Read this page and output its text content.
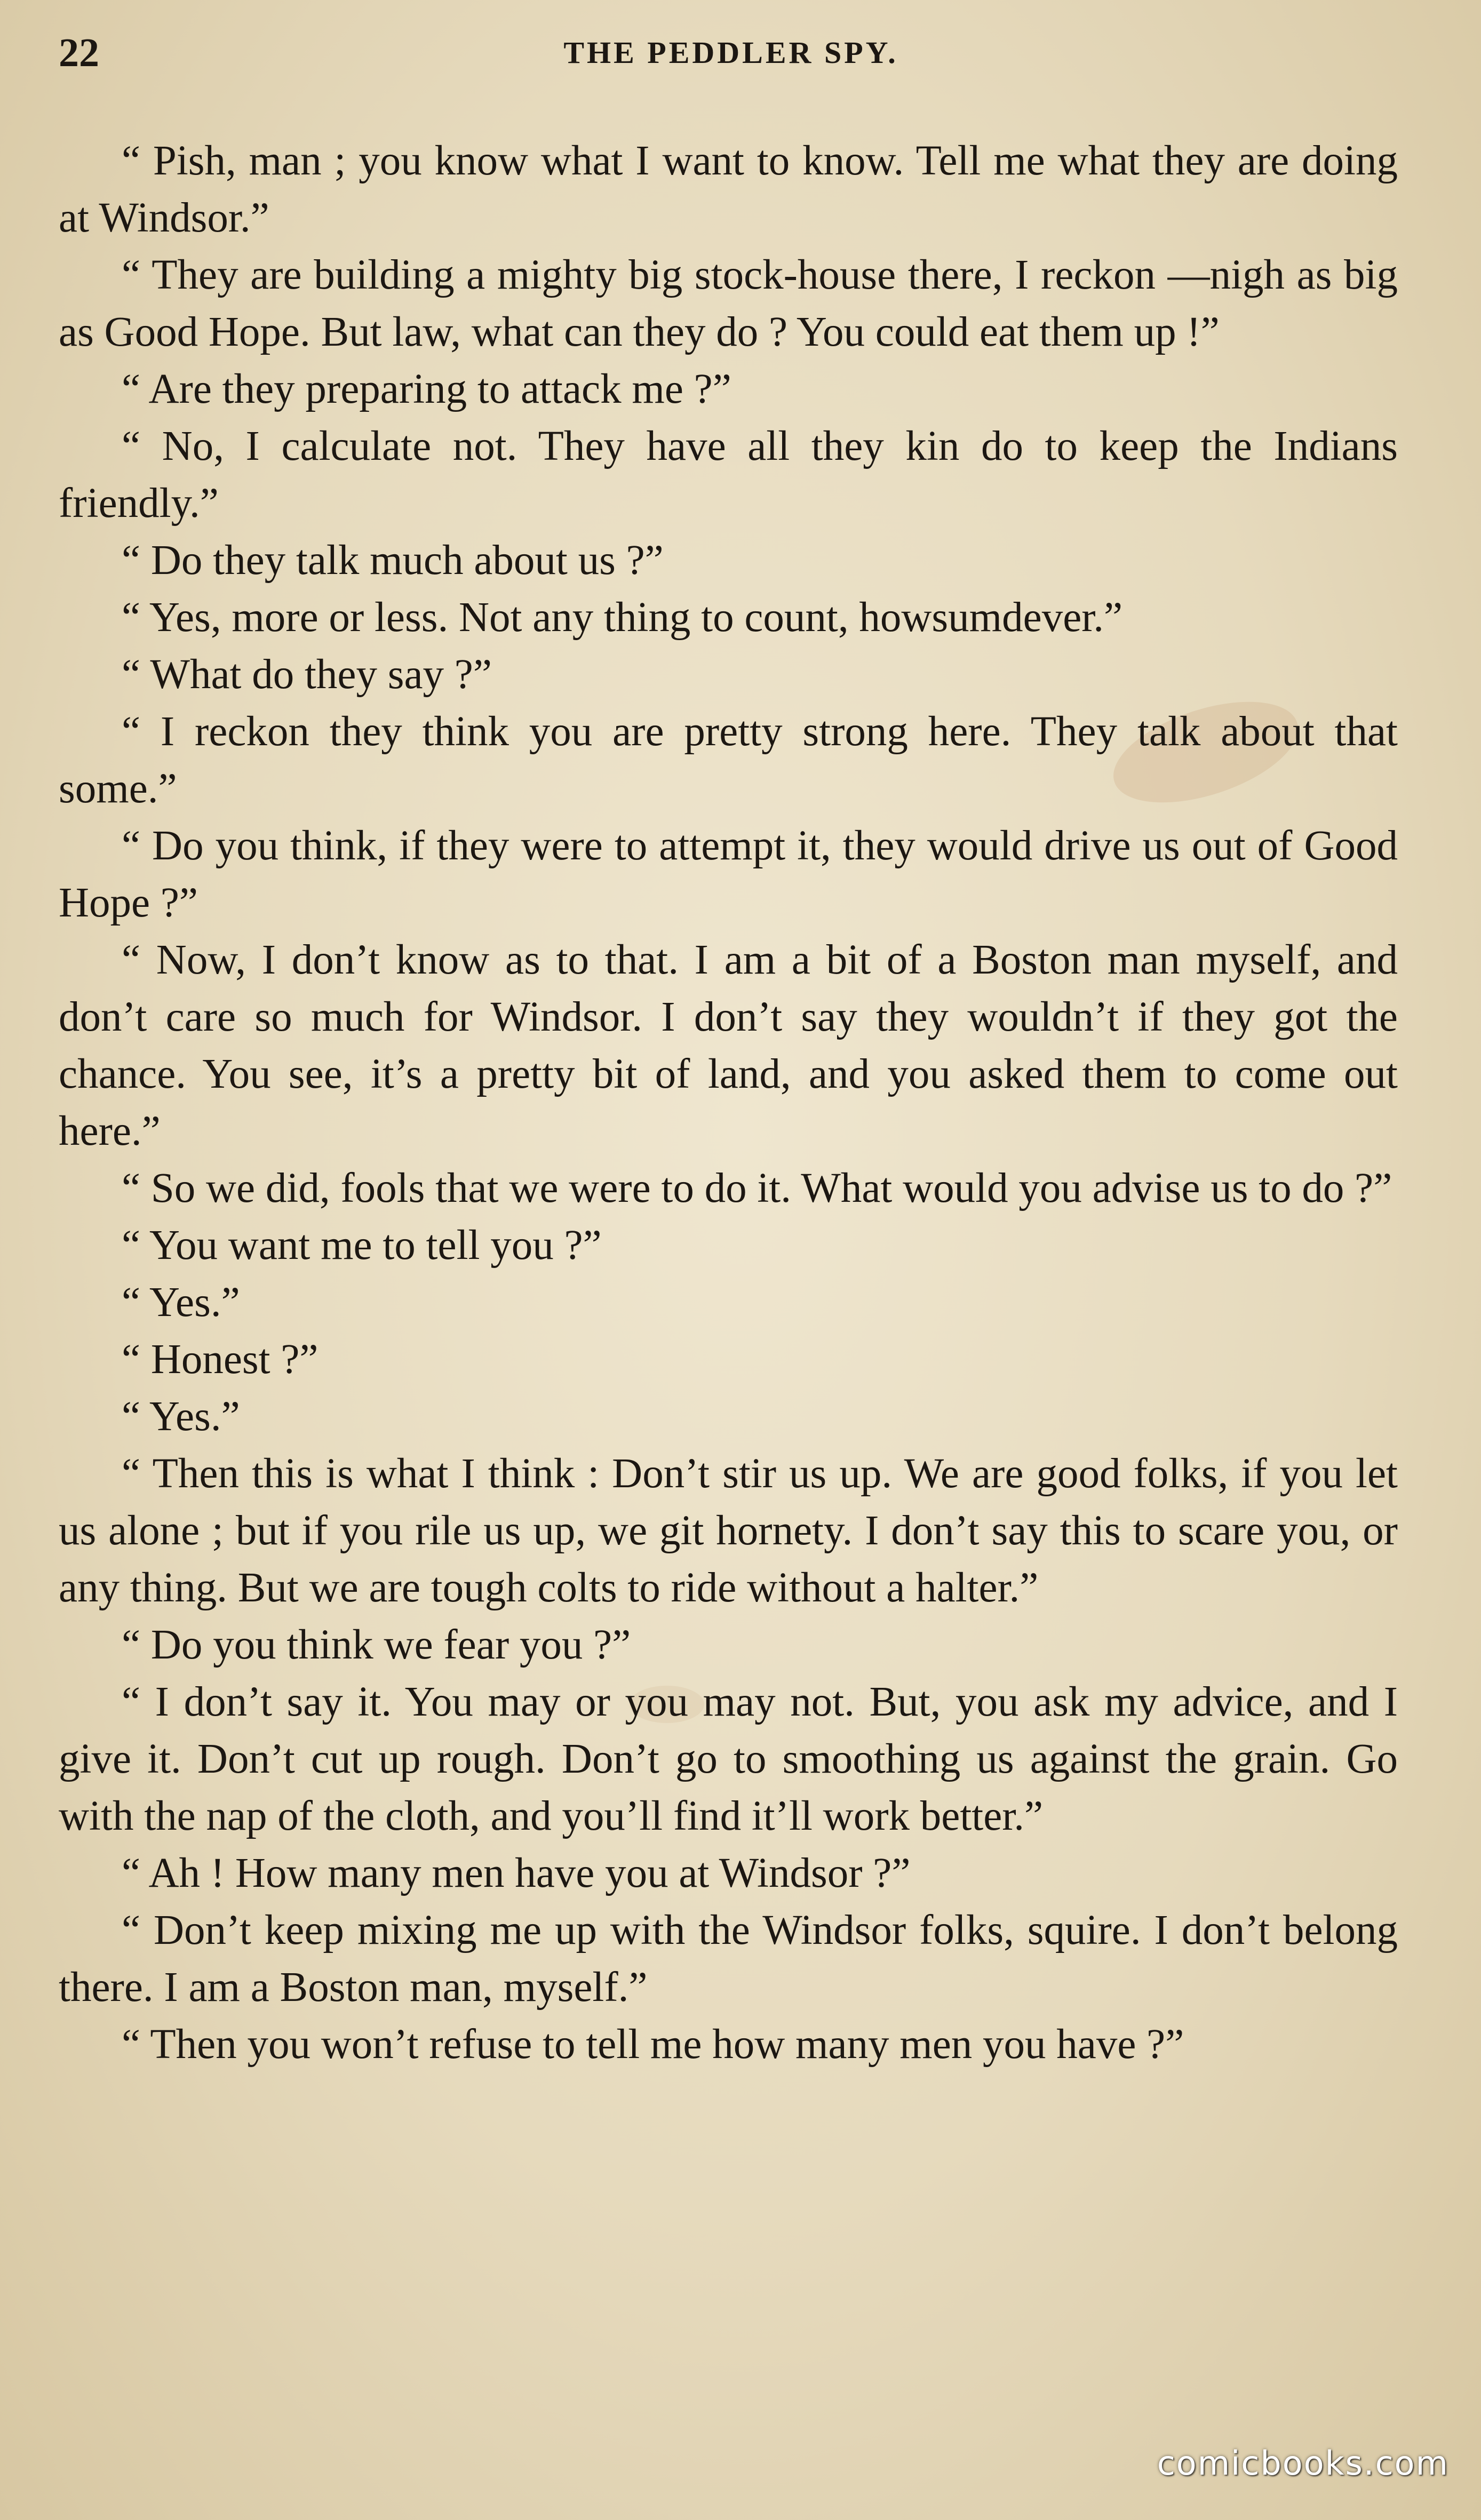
22	THE PEDDLER SPY.

“ Pish, man ; you know what I want to know. Tell me what they are doing at Windsor.”

“ They are building a mighty big stock-house there, I reckon —nigh as big as Good Hope. But law, what can they do ? You could eat them up !”

“ Are they preparing to attack me ?”

“ No, I calculate not. They have all they kin do to keep the Indians friendly.”

“ Do they talk much about us ?”

“ Yes, more or less. Not any thing to count, howsumdever.”

“ What do they say ?”

“ I reckon they think you are pretty strong here. They talk about that some.”

“ Do you think, if they were to attempt it, they would drive us out of Good Hope ?”

“ Now, I don’t know as to that. I am a bit of a Boston man myself, and don’t care so much for Windsor. I don’t say they wouldn’t if they got the chance. You see, it’s a pretty bit of land, and you asked them to come out here.”

“ So we did, fools that we were to do it. What would you advise us to do ?”

“ You want me to tell you ?”

“ Yes.”

“ Honest ?”

“ Yes.”

“ Then this is what I think : Don’t stir us up. We are good folks, if you let us alone ; but if you rile us up, we git hornety. I don’t say this to scare you, or any thing. But we are tough colts to ride without a halter.”

“ Do you think we fear you ?”

“ I don’t say it. You may or you may not. But, you ask my advice, and I give it. Don’t cut up rough. Don’t go to smoothing us against the grain. Go with the nap of the cloth, and you’ll find it’ll work better.”

“ Ah ! How many men have you at Windsor ?”

“ Don’t keep mixing me up with the Windsor folks, squire. I don’t belong there. I am a Boston man, myself.”

“ Then you won’t refuse to tell me how many men you have ?”

comicbooks.com
